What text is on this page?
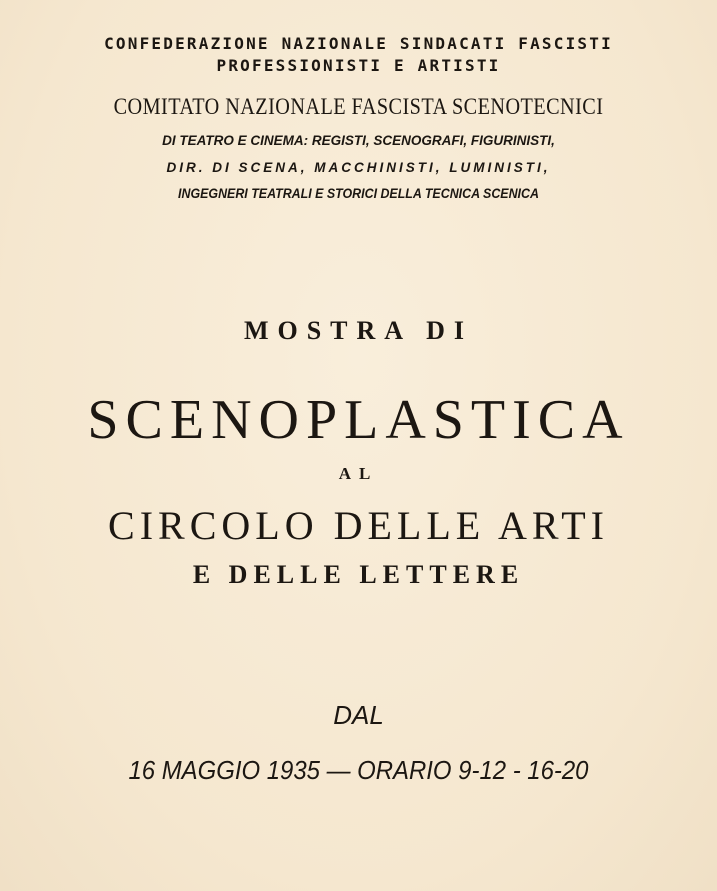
CONFEDERAZIONE NAZIONALE SINDACATI FASCISTI
PROFESSIONISTI E ARTISTI
COMITATO NAZIONALE FASCISTA SCENOTECNICI
DI TEATRO E CINEMA: REGISTI, SCENOGRAFI, FIGURINISTI,
DIR. DI SCENA, MACCHINISTI, LUMINISTI,
INGEGNERI TEATRALI E STORICI DELLA TECNICA SCENICA
MOSTRA DI
SCENOPLASTICA
AL
CIRCOLO DELLE ARTI
E DELLE LETTERE
DAL
16 MAGGIO 1935 — ORARIO 9-12 - 16-20
